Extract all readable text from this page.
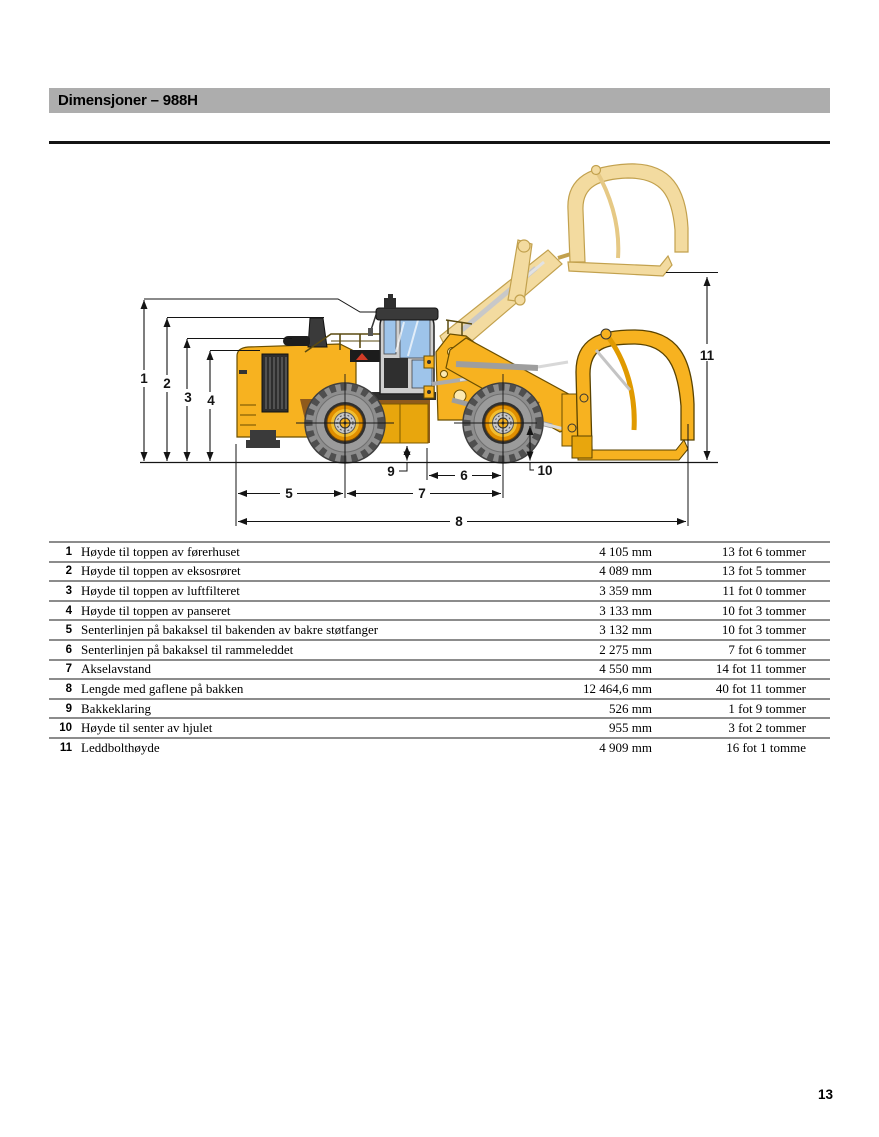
Dimensjoner – 988H
1 2
3 4
5
6
7
8
9	10
11
1 Høyde til toppen av førerhuset	4 105 mm	13 fot 6 tommer
2 Høyde til toppen av eksosrøret	4 089 mm	13 fot 5 tommer
3 Høyde til toppen av luftfilteret	3 359 mm	11 fot 0 tommer
4 Høyde til toppen av panseret	3 133 mm	10 fot 3 tommer
5 Senterlinjen på bakaksel til bakenden av bakre støtfanger	3 132 mm	10 fot 3 tommer
6 Senterlinjen på bakaksel til rammeleddet	2 275 mm	7 fot 6 tommer
7 Akselavstand	4 550 mm	14 fot 11 tommer
8 Lengde med gaflene på bakken	12 464,6 mm	40 fot 11 tommer
9 Bakkeklaring	526 mm	1 fot 9 tommer
10 Høyde til senter av hjulet	955 mm	3 fot 2 tommer
11 Leddbolthøyde	4 909 mm	16 fot 1 tomme
13
